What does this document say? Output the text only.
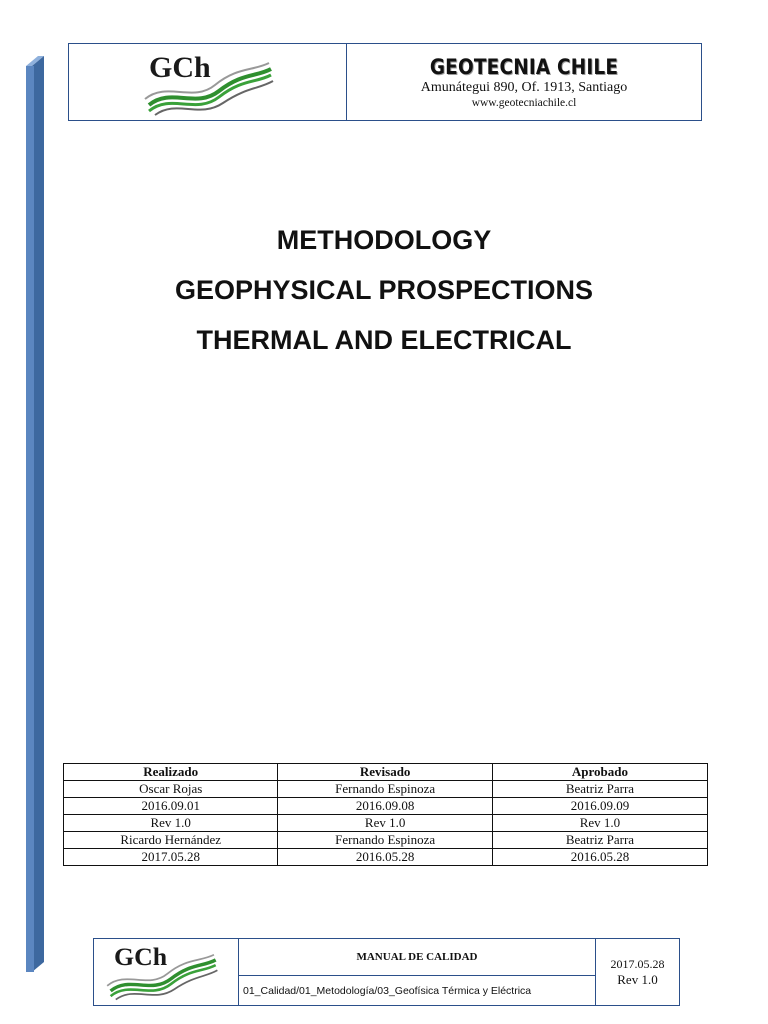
GCh	GEOTECNIA CHILE
Amunátegui 890, Of. 1913, Santiago
www.geotecniachile.cl
METHODOLOGY
GEOPHYSICAL PROSPECTIONS
THERMAL AND ELECTRICAL
Realizado	Revisado	Aprobado
Oscar Rojas	Fernando Espinoza	Beatriz Parra
2016.09.01	2016.09.08	2016.09.09
Rev 1.0	Rev 1.0	Rev 1.0
Ricardo Hernández	Fernando Espinoza	Beatriz Parra
2017.05.28	2016.05.28	2016.05.28
GCh	MANUAL DE CALIDAD
01_Calidad/01_Metodología/03_Geofísica Térmica y Eléctrica
2017.05.28
Rev 1.0
